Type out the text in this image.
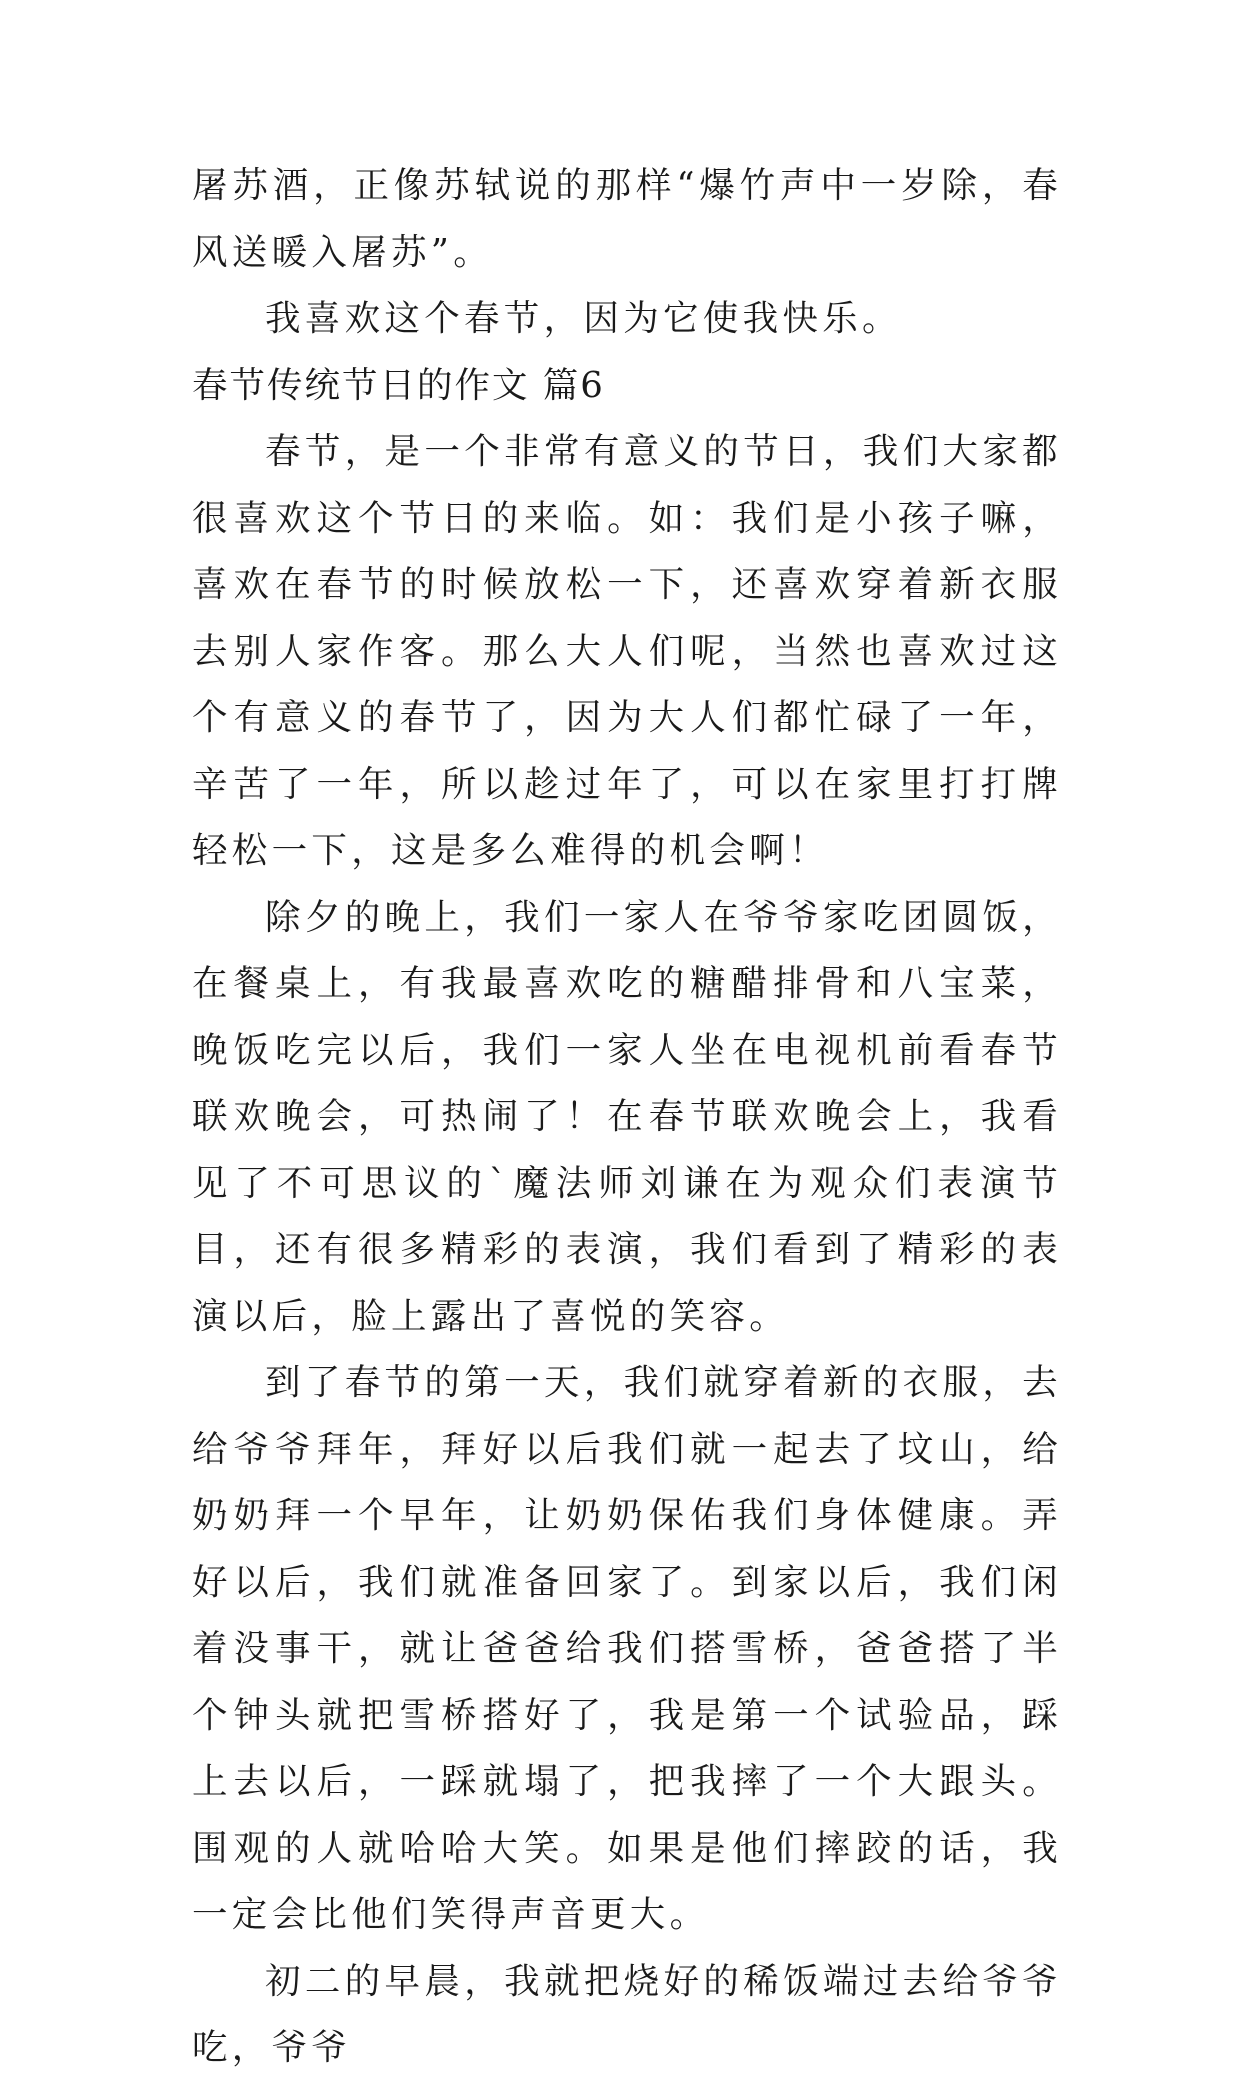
屠苏酒，正像苏轼说的那样“爆竹声中一岁除，春风送暖入屠苏”。

我喜欢这个春节，因为它使我快乐。

春节传统节日的作文 篇6

春节，是一个非常有意义的节日，我们大家都很喜欢这个节日的来临。如：我们是小孩子嘛，喜欢在春节的时候放松一下，还喜欢穿着新衣服去别人家作客。那么大人们呢，当然也喜欢过这个有意义的春节了，因为大人们都忙碌了一年，辛苦了一年，所以趁过年了，可以在家里打打牌轻松一下，这是多么难得的机会啊！

除夕的晚上，我们一家人在爷爷家吃团圆饭，在餐桌上，有我最喜欢吃的糖醋排骨和八宝菜，晚饭吃完以后，我们一家人坐在电视机前看春节联欢晚会，可热闹了！在春节联欢晚会上，我看见了不可思议的`魔法师刘谦在为观众们表演节目，还有很多精彩的表演，我们看到了精彩的表演以后，脸上露出了喜悦的笑容。

到了春节的第一天，我们就穿着新的衣服，去给爷爷拜年，拜好以后我们就一起去了坟山，给奶奶拜一个早年，让奶奶保佑我们身体健康。弄好以后，我们就准备回家了。到家以后，我们闲着没事干，就让爸爸给我们搭雪桥，爸爸搭了半个钟头就把雪桥搭好了，我是第一个试验品，踩上去以后，一踩就塌了，把我摔了一个大跟头。围观的人就哈哈大笑。如果是他们摔跤的话，我一定会比他们笑得声音更大。

初二的早晨，我就把烧好的稀饭端过去给爷爷吃，爷爷
